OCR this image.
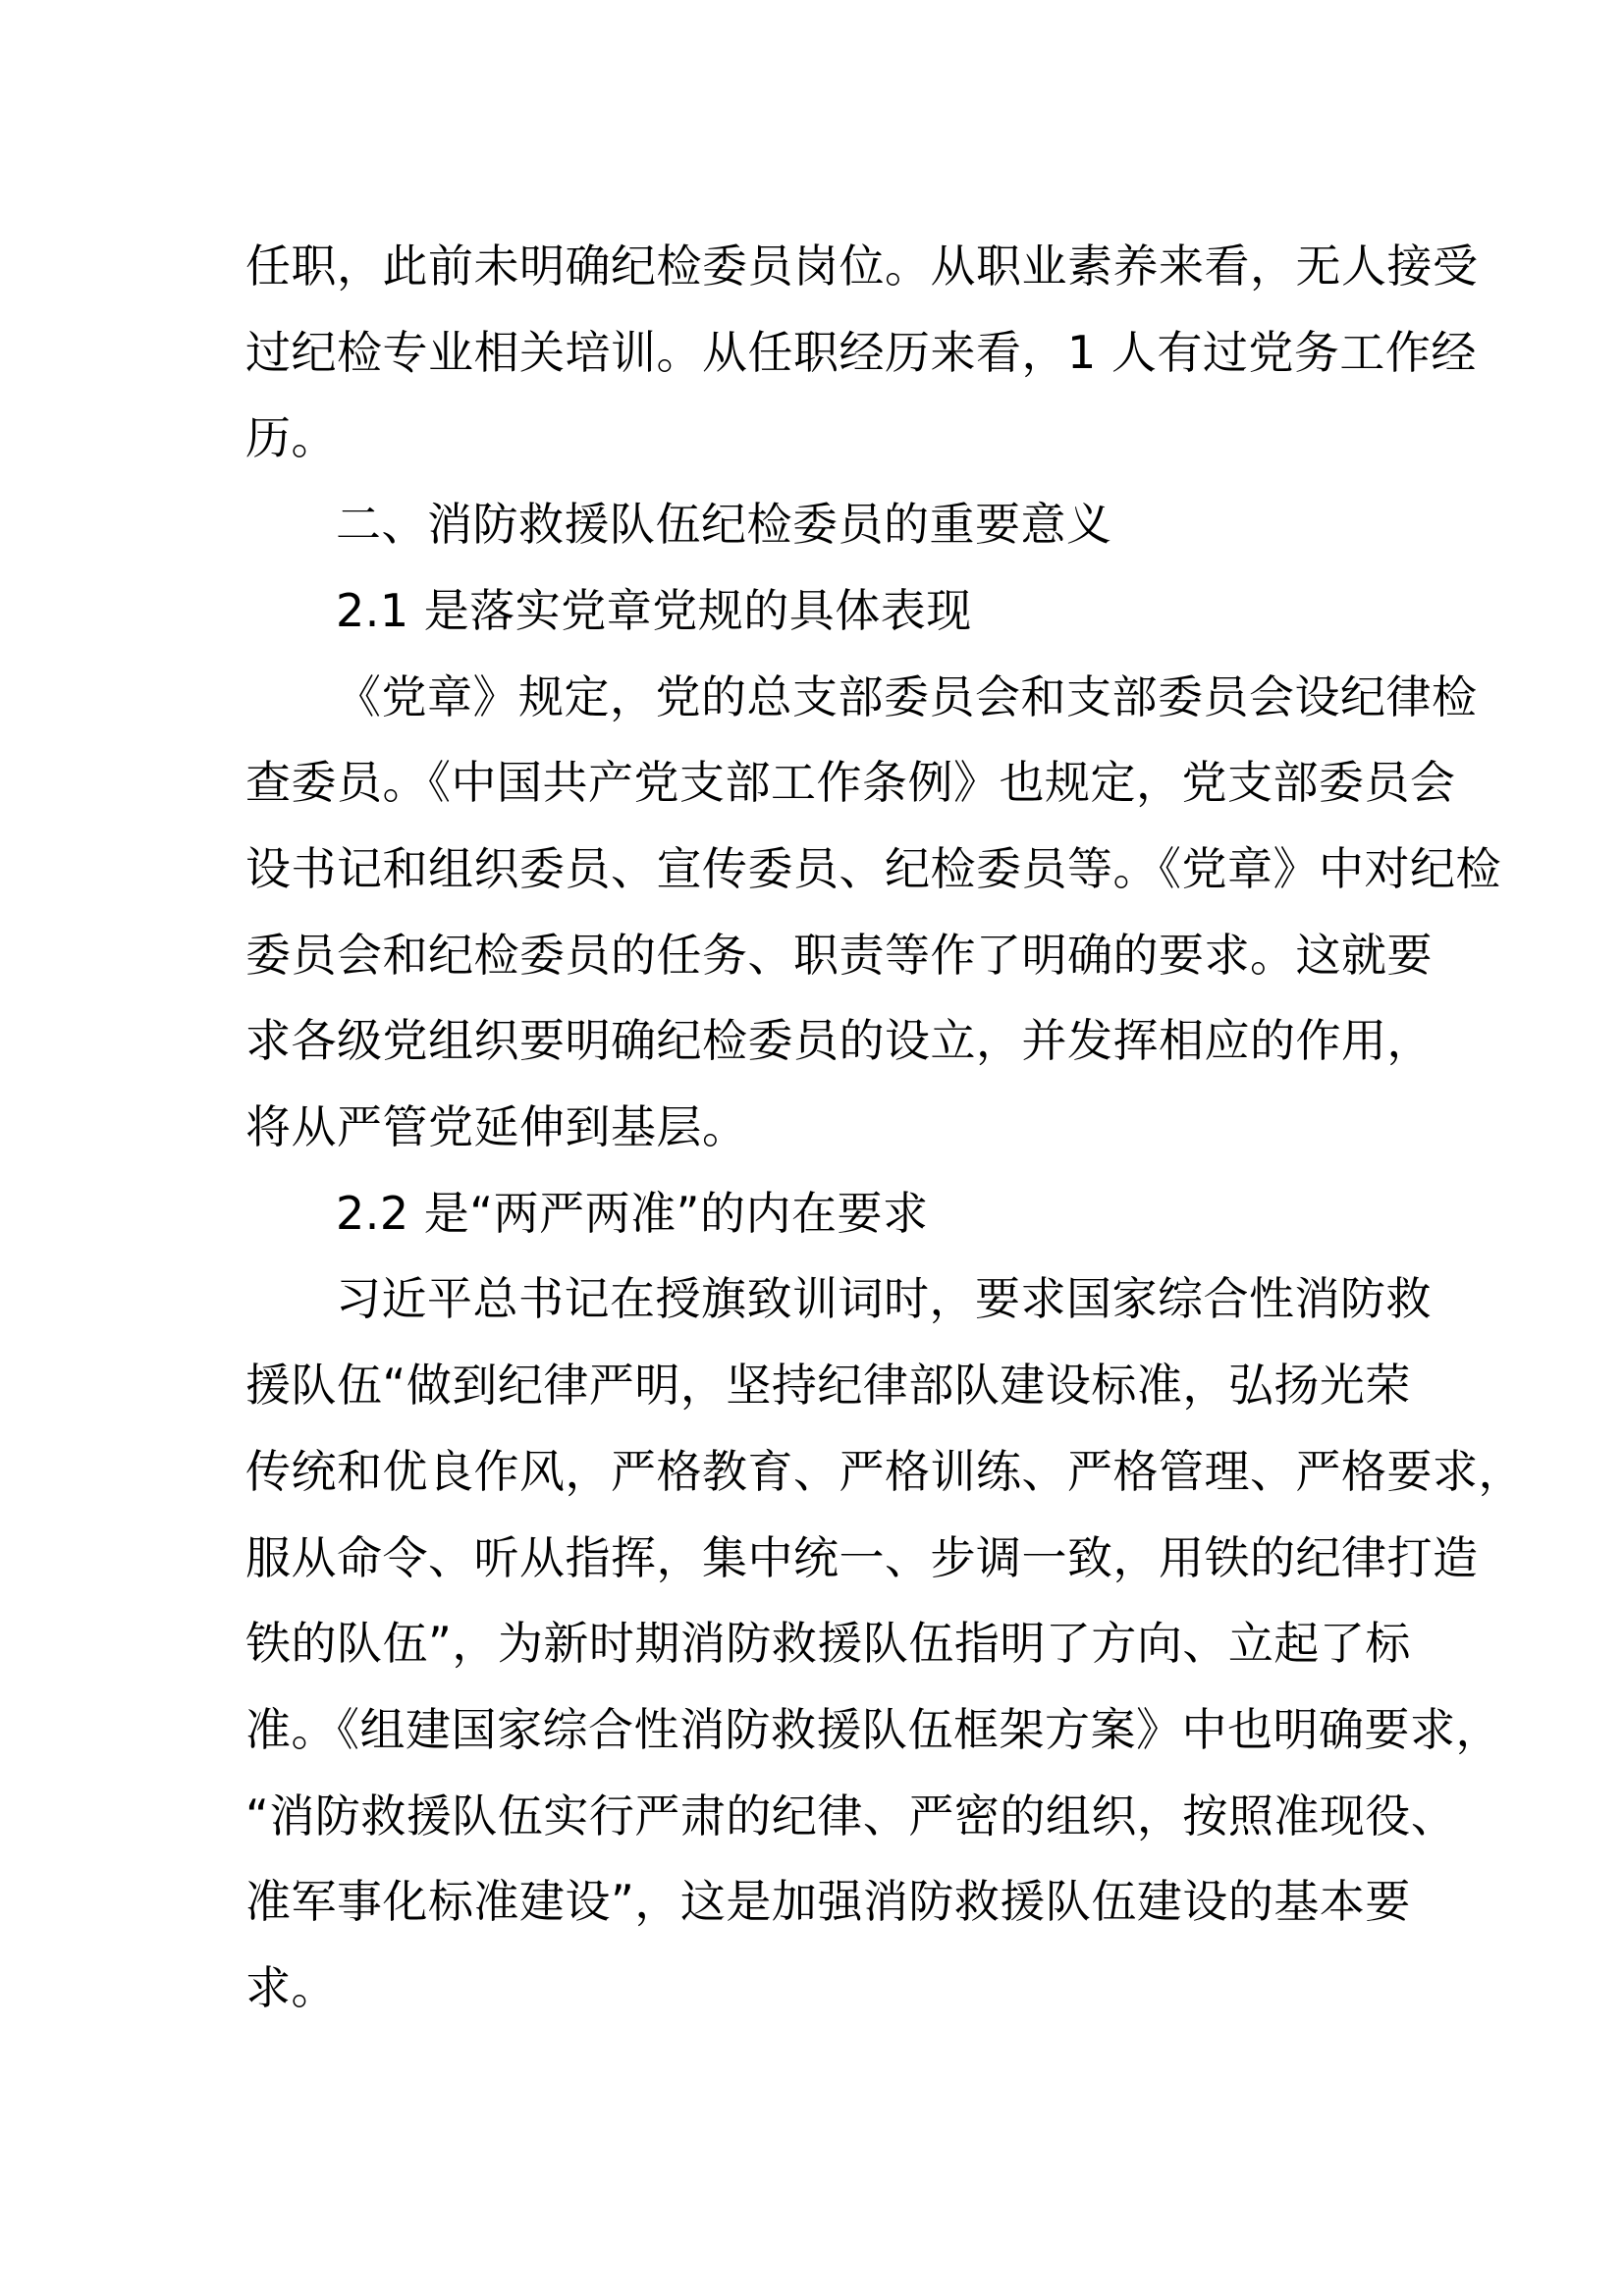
任职，此前未明确纪检委员岗位。从职业素养来看，无人接受
过纪检专业相关培训。从任职经历来看，1 人有过党务工作经
历。

二、消防救援队伍纪检委员的重要意义

2.1 是落实党章党规的具体表现

《党章》规定，党的总支部委员会和支部委员会设纪律检
查委员。《中国共产党支部工作条例》也规定，党支部委员会
设书记和组织委员、宣传委员、纪检委员等。《党章》中对纪检
委员会和纪检委员的任务、职责等作了明确的要求。这就要
求各级党组织要明确纪检委员的设立，并发挥相应的作用，
将从严管党延伸到基层。

2.2 是“两严两准”的内在要求

习近平总书记在授旗致训词时，要求国家综合性消防救
援队伍“做到纪律严明，坚持纪律部队建设标准，弘扬光荣
传统和优良作风，严格教育、严格训练、严格管理、严格要求，
服从命令、听从指挥，集中统一、步调一致，用铁的纪律打造
铁的队伍”，为新时期消防救援队伍指明了方向、立起了标
准。《组建国家综合性消防救援队伍框架方案》中也明确要求，
“消防救援队伍实行严肃的纪律、严密的组织，按照准现役、
准军事化标准建设”，这是加强消防救援队伍建设的基本要
求。
